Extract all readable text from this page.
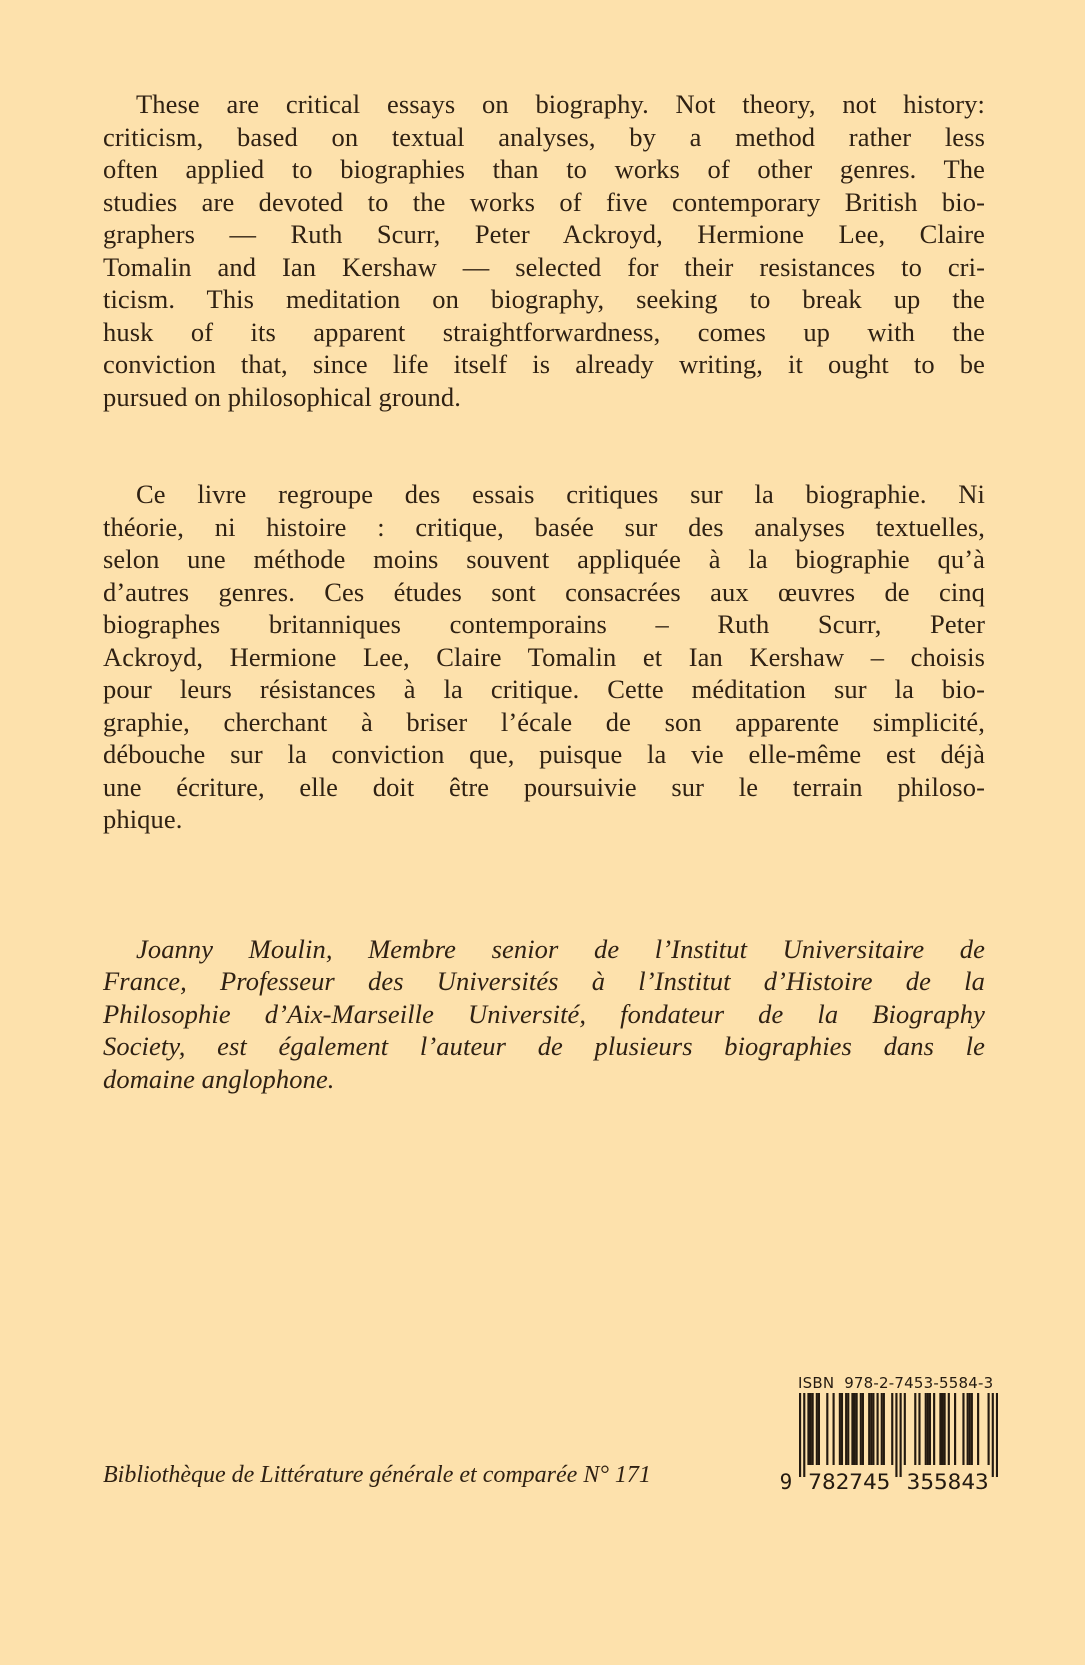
These are critical essays on biography. Not theory, not history:
criticism, based on textual analyses, by a method rather less
often applied to biographies than to works of other genres. The
studies are devoted to the works of five contemporary British bio-
graphers — Ruth Scurr, Peter Ackroyd, Hermione Lee, Claire
Tomalin and Ian Kershaw — selected for their resistances to cri-
ticism. This meditation on biography, seeking to break up the
husk of its apparent straightforwardness, comes up with the
conviction that, since life itself is already writing, it ought to be
pursued on philosophical ground.
Ce livre regroupe des essais critiques sur la biographie. Ni
théorie, ni histoire : critique, basée sur des analyses textuelles,
selon une méthode moins souvent appliquée à la biographie qu’à
d’autres genres. Ces études sont consacrées aux œuvres de cinq
biographes britanniques contemporains – Ruth Scurr, Peter
Ackroyd, Hermione Lee, Claire Tomalin et Ian Kershaw – choisis
pour leurs résistances à la critique. Cette méditation sur la bio-
graphie, cherchant à briser l’écale de son apparente simplicité,
débouche sur la conviction que, puisque la vie elle-même est déjà
une écriture, elle doit être poursuivie sur le terrain philoso-
phique.
Joanny Moulin, Membre senior de l’Institut Universitaire de
France, Professeur des Universités à l’Institut d’Histoire de la
Philosophie d’Aix-Marseille Université, fondateur de la Biography
Society, est également l’auteur de plusieurs biographies dans le
domaine anglophone.
Bibliothèque de Littérature générale et comparée N° 171
ISBN  978-2-7453-5584-3
9 782745 355843
